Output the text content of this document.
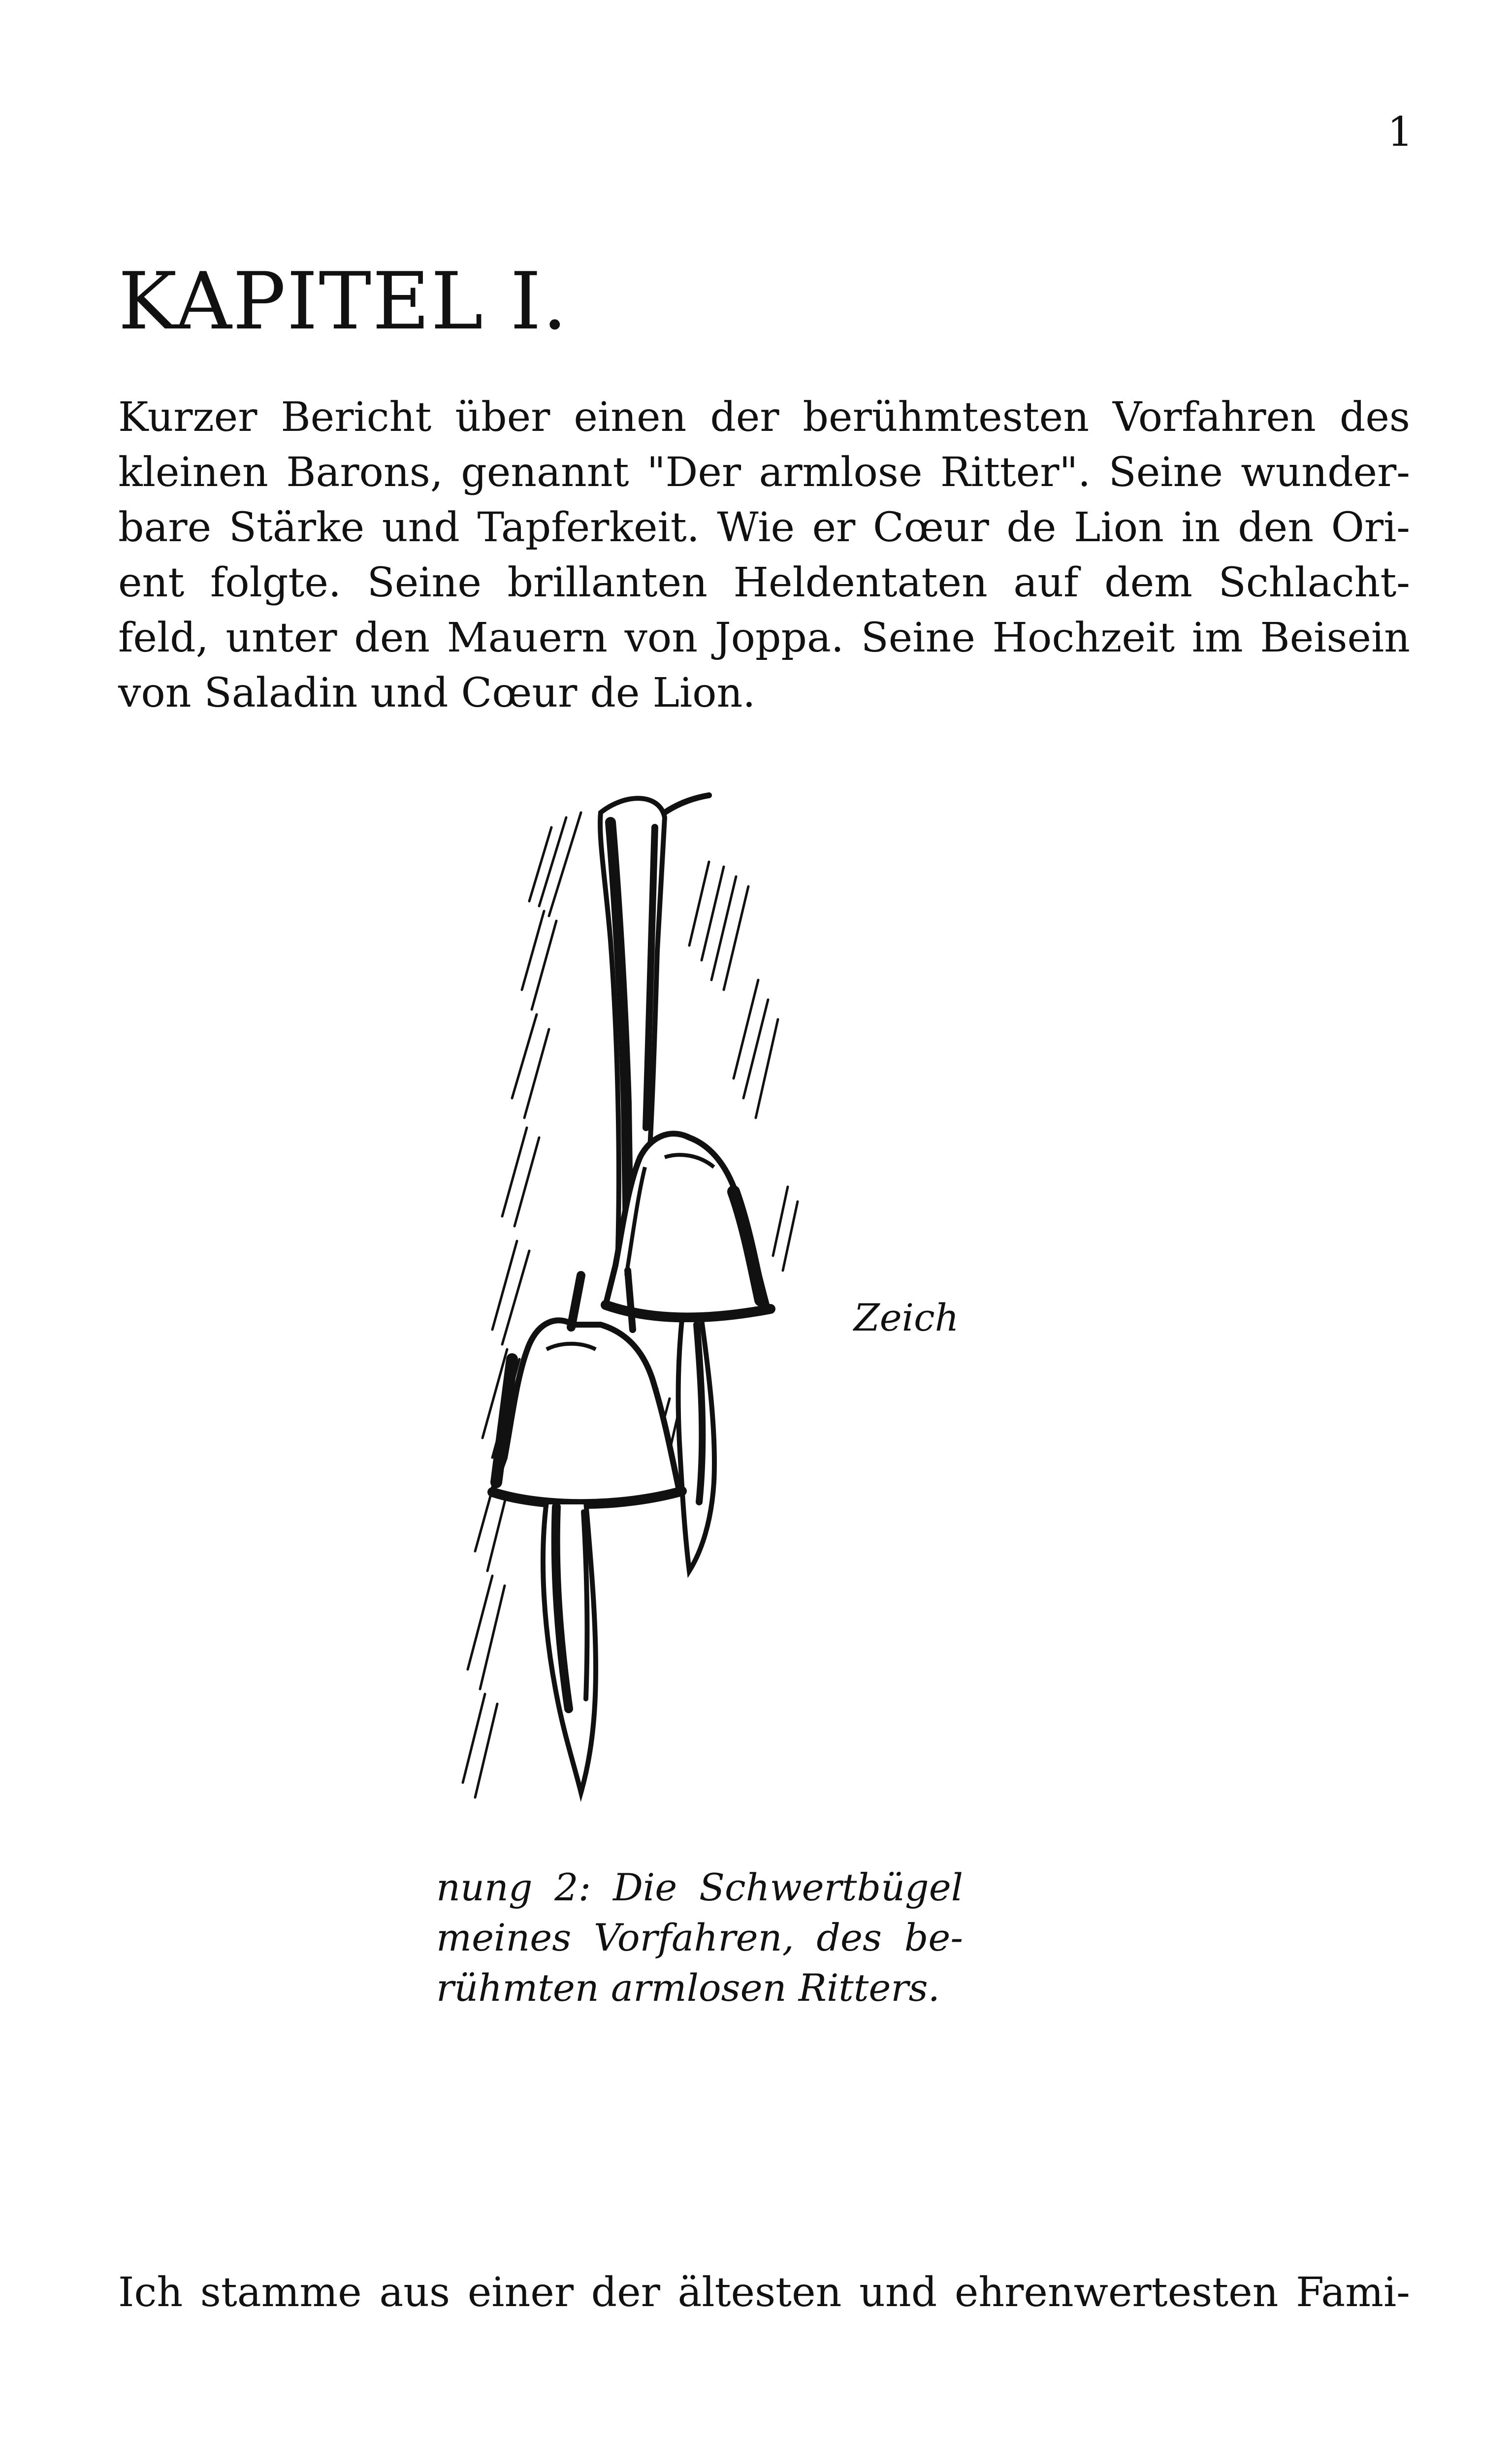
1
KAPITEL I.
Kurzer Bericht über einen der berühmtesten Vorfahren des
kleinen Barons, genannt "Der armlose Ritter". Seine wunder-
bare Stärke und Tapferkeit. Wie er Cœur de Lion in den Ori-
ent folgte. Seine brillanten Heldentaten auf dem Schlacht-
feld, unter den Mauern von Joppa. Seine Hochzeit im Beisein
von Saladin und Cœur de Lion.
Zeich
nung 2: Die Schwertbügel
meines Vorfahren, des be-
rühmten armlosen Ritters.
Ich stamme aus einer der ältesten und ehrenwertesten Fami-
